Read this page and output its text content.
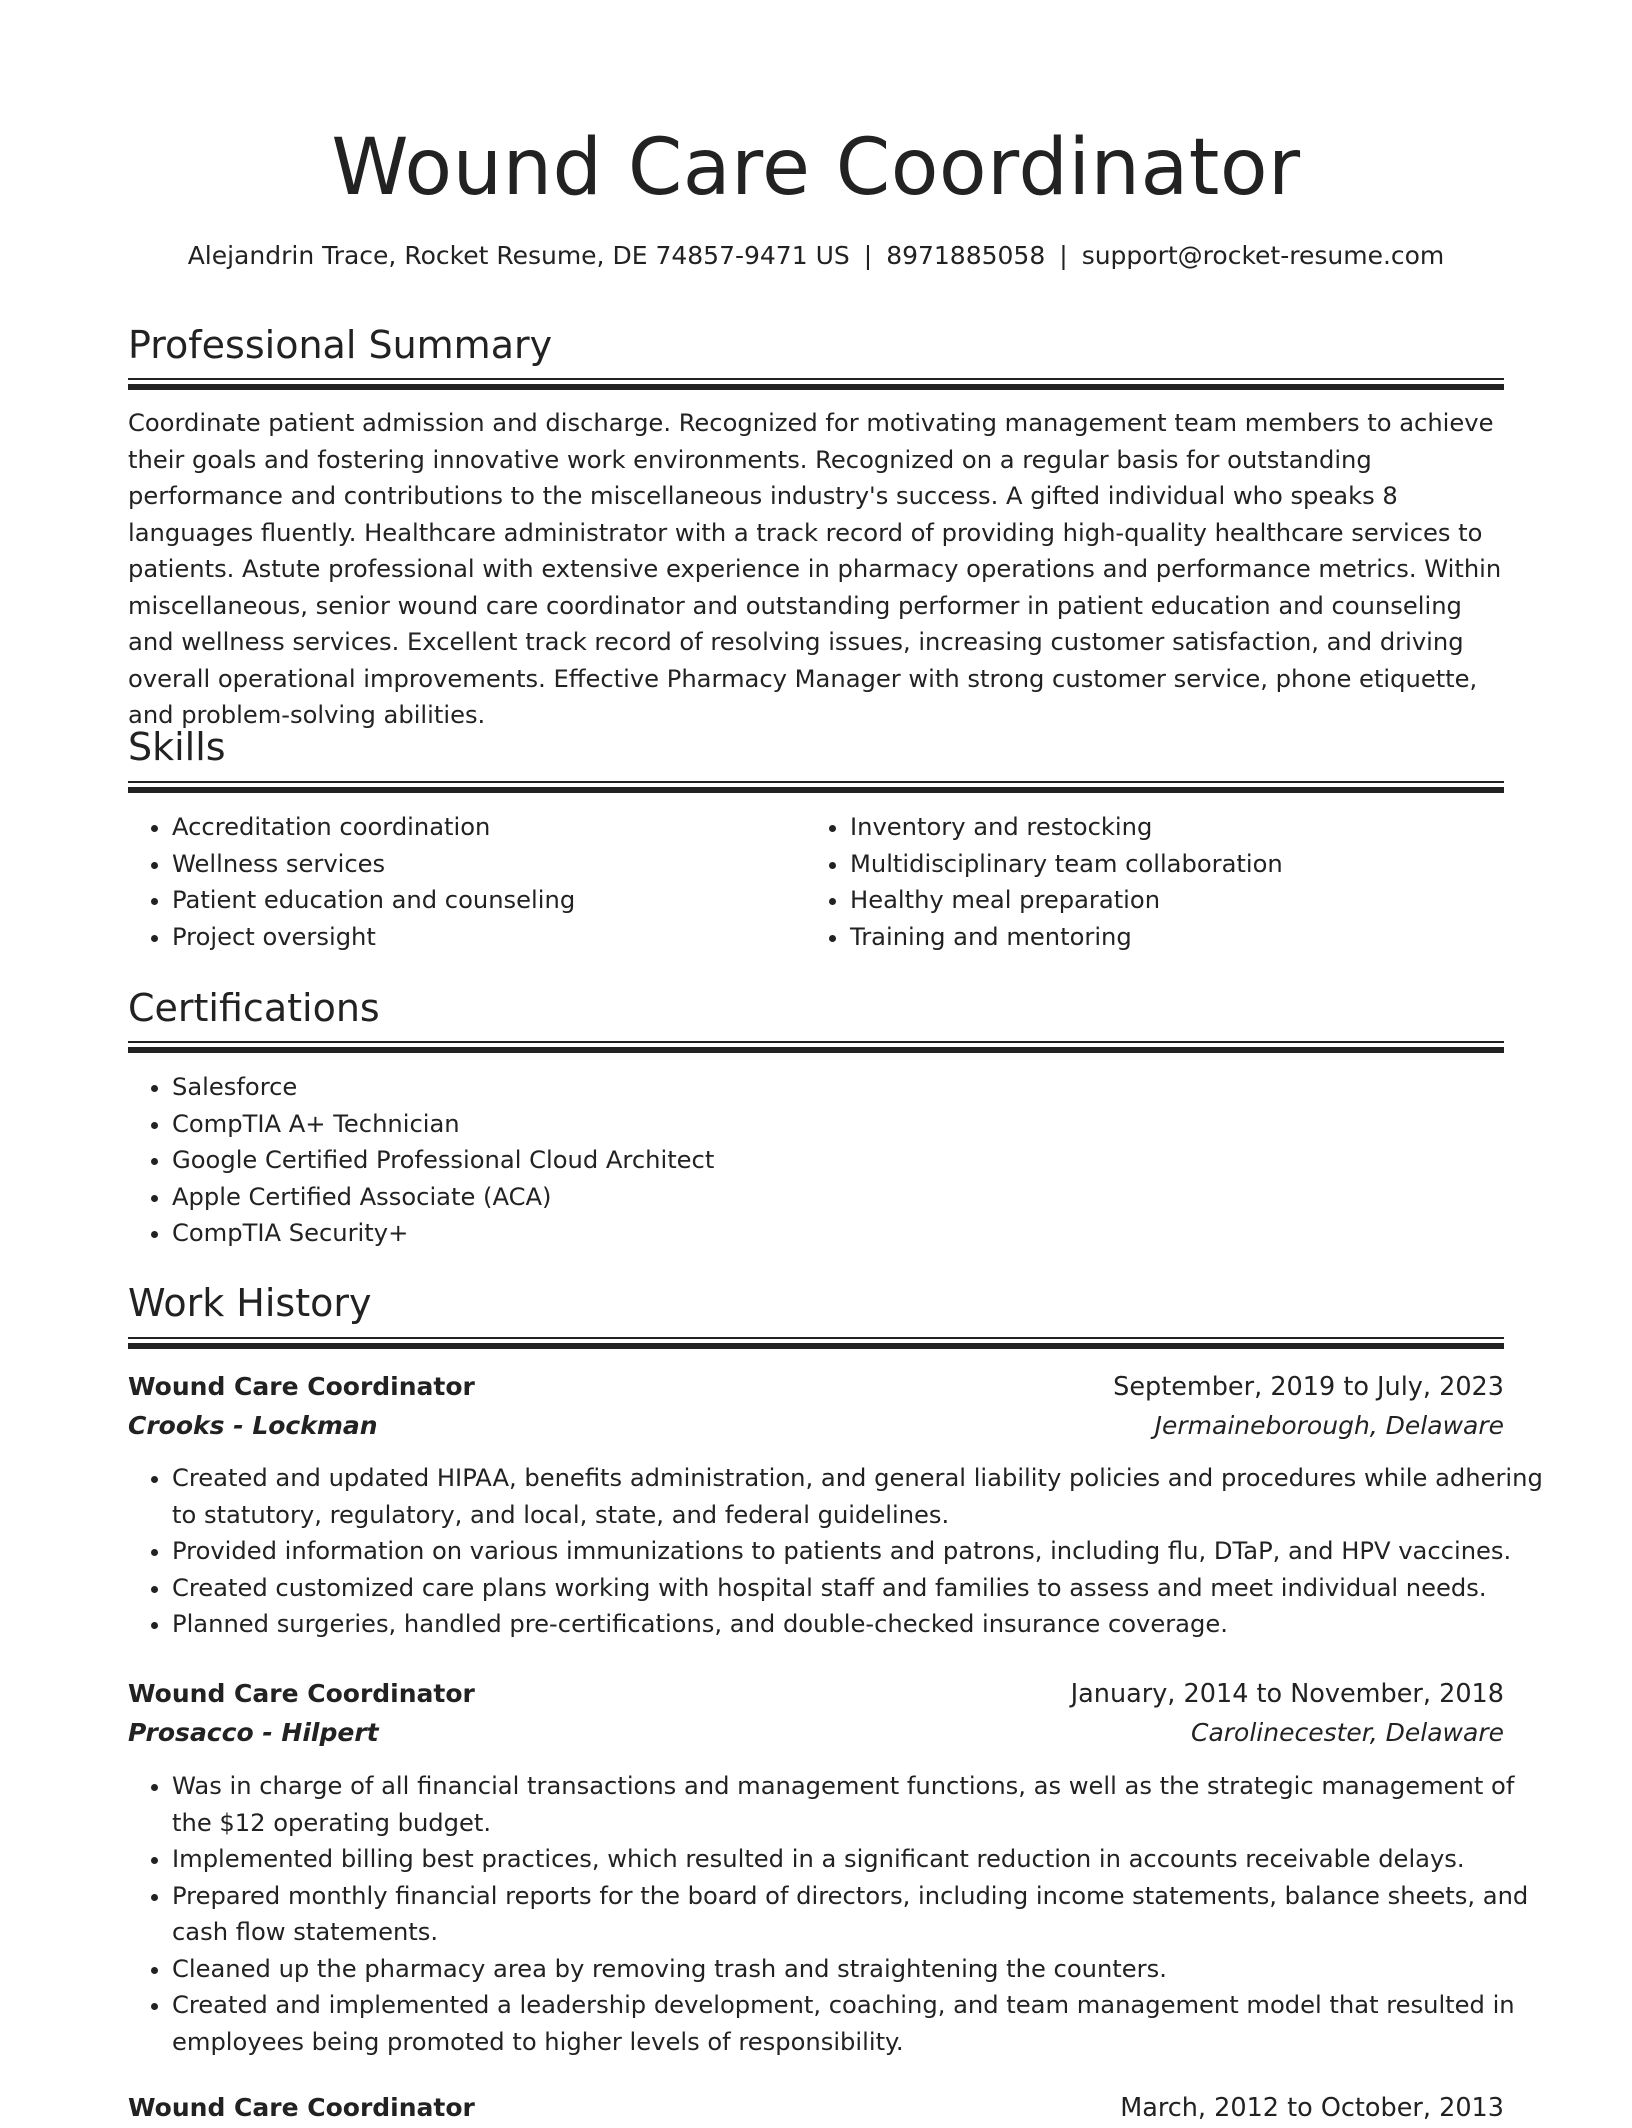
Wound Care Coordinator
Alejandrin Trace, Rocket Resume, DE 74857-9471 US | 8971885058 | support@rocket-resume.com
Professional Summary

Coordinate patient admission and discharge. Recognized for motivating management team members to achieve their goals and fostering innovative work environments. Recognized on a regular basis for outstanding performance and contributions to the miscellaneous industry's success. A gifted individual who speaks 8 languages fluently. Healthcare administrator with a track record of providing high-quality healthcare services to patients. Astute professional with extensive experience in pharmacy operations and performance metrics. Within miscellaneous, senior wound care coordinator and outstanding performer in patient education and counseling and wellness services. Excellent track record of resolving issues, increasing customer satisfaction, and driving overall operational improvements. Effective Pharmacy Manager with strong customer service, phone etiquette, and problem-solving abilities.

Skills
• Accreditation coordination
• Wellness services
• Patient education and counseling
• Project oversight
• Inventory and restocking
• Multidisciplinary team collaboration
• Healthy meal preparation
• Training and mentoring
Certifications
• Salesforce
• CompTIA A+ Technician
• Google Certified Professional Cloud Architect
• Apple Certified Associate (ACA)
• CompTIA Security+
Work History
Wound Care Coordinator	September, 2019 to July, 2023
Crooks - Lockman	Jermaineborough, Delaware
• Created and updated HIPAA, benefits administration, and general liability policies and procedures while adhering to statutory, regulatory, and local, state, and federal guidelines.
• Provided information on various immunizations to patients and patrons, including flu, DTaP, and HPV vaccines.
• Created customized care plans working with hospital staff and families to assess and meet individual needs.
• Planned surgeries, handled pre-certifications, and double-checked insurance coverage.
Wound Care Coordinator	January, 2014 to November, 2018
Prosacco - Hilpert	Carolinecester, Delaware
• Was in charge of all financial transactions and management functions, as well as the strategic management of the $12 operating budget.
• Implemented billing best practices, which resulted in a significant reduction in accounts receivable delays.
• Prepared monthly financial reports for the board of directors, including income statements, balance sheets, and cash flow statements.
• Cleaned up the pharmacy area by removing trash and straightening the counters.
• Created and implemented a leadership development, coaching, and team management model that resulted in employees being promoted to higher levels of responsibility.
Wound Care Coordinator	March, 2012 to October, 2013
